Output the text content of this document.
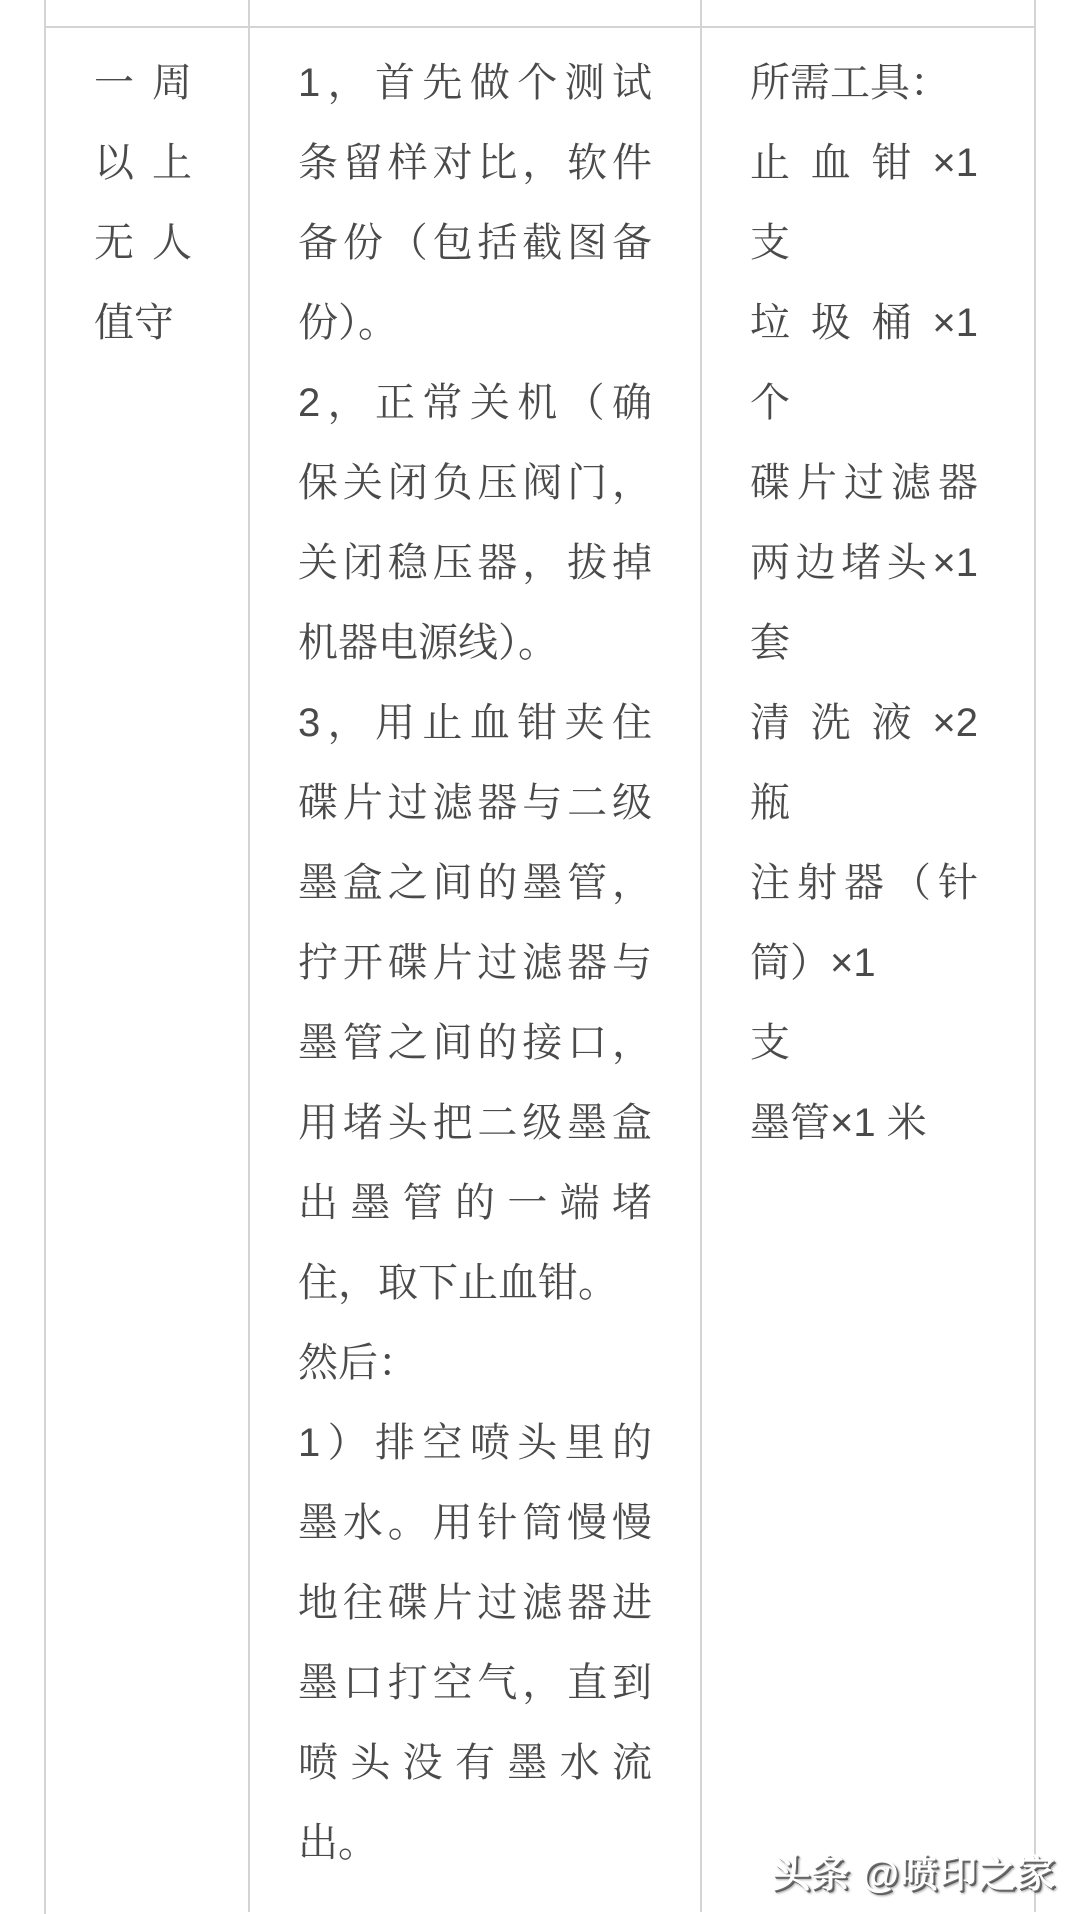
一周
以上
无人
值守
1，首先做个测试
条留样对比，软件
备份（包括截图备
份）。
2，正常关机（确
保关闭负压阀门，
关闭稳压器，拔掉
机器电源线）。
3，用止血钳夹住
碟片过滤器与二级
墨盒之间的墨管，
拧开碟片过滤器与
墨管之间的接口，
用堵头把二级墨盒
出墨管的一端堵
住，取下止血钳。
然后：
1）排空喷头里的
墨水。用针筒慢慢
地往碟片过滤器进
墨口打空气，直到
喷头没有墨水流
出。
所需工具：
止血钳×1
支
垃圾桶×1
个
碟片过滤器
两边堵头×1
套
清洗液×2
瓶
注射器（针
筒）×1
支
墨管×1 米
头条 @喷印之家
